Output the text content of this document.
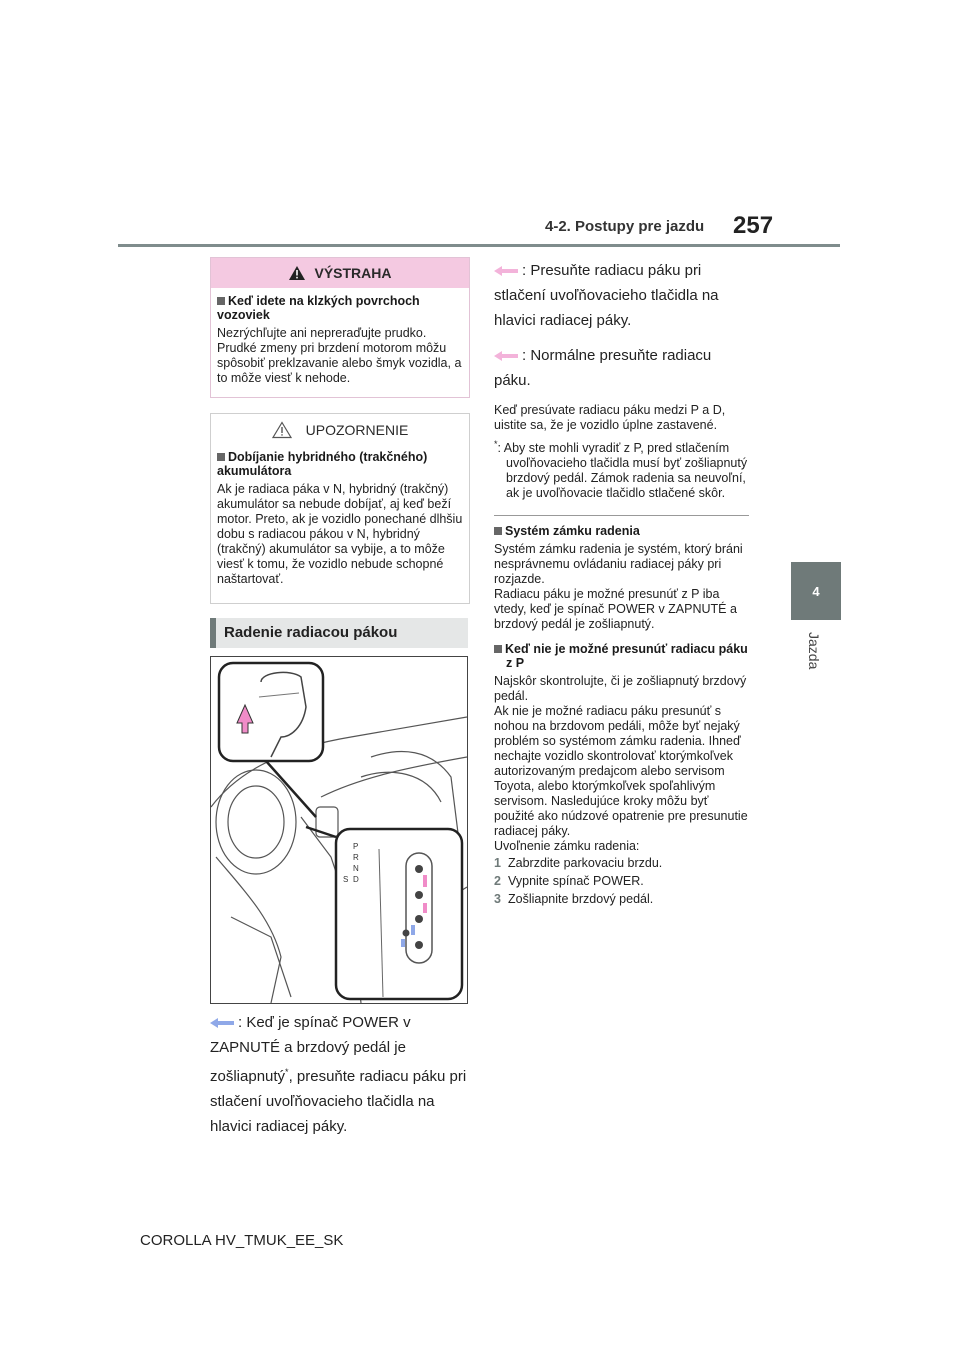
4-2. Postupy pre jazdu 257
4
Jazda
VÝSTRAHA
Keď idete na klzkých povrchoch vozoviek
Nezrýchľujte ani nepreraďujte prudko. Prudké zmeny pri brzdení motorom môžu spôsobiť preklzavanie alebo šmyk vozidla, a to môže viesť k nehode.
UPOZORNENIE
Dobíjanie hybridného (trakčného) akumulátora
Ak je radiaca páka v N, hybridný (trakčný) akumulátor sa nebude dobíjať, aj keď beží motor. Preto, ak je vozidlo ponechané dlhšiu dobu s radiacou pákou v N, hybridný (trakčný) akumulátor sa vybije, a to môže viesť k tomu, že vozidlo nebude schopné naštartovať.
Radenie radiacou pákou
P
R
N
D
S
: Keď je spínač POWER v ZAPNUTÉ a brzdový pedál je zošliapnutý*, presuňte radiacu páku pri stlačení uvoľňovacieho tlačidla na hlavici radiacej páky.
: Presuňte radiacu páku pri stlačení uvoľňovacieho tlačidla na hlavici radiacej páky.
: Normálne presuňte radiacu páku.
Keď presúvate radiacu páku medzi P a D, uistite sa, že je vozidlo úplne zastavené.
*: Aby ste mohli vyradiť z P, pred stlačením uvoľňovacieho tlačidla musí byť zošliapnutý brzdový pedál. Zámok radenia sa neuvoľní, ak je uvoľňovacie tlačidlo stlačené skôr.
Systém zámku radenia
Systém zámku radenia je systém, ktorý bráni nesprávnemu ovládaniu radiacej páky pri rozjazde.
Radiacu páku je možné presunúť z P iba vtedy, keď je spínač POWER v ZAPNUTÉ a brzdový pedál je zošliapnutý.
Keď nie je možné presunúť radiacu páku z P
Najskôr skontrolujte, či je zošliapnutý brzdový pedál.
Ak nie je možné radiacu páku presunúť s nohou na brzdovom pedáli, môže byť nejaký problém so systémom zámku radenia. Ihneď nechajte vozidlo skontrolovať ktorýmkoľvek autorizovaným predajcom alebo servisom Toyota, alebo ktorýmkoľvek spoľahlivým servisom. Nasledujúce kroky môžu byť použité ako núdzové opatrenie pre presunutie radiacej páky.
Uvoľnenie zámku radenia:
1 Zabrzdite parkovaciu brzdu.
2 Vypnite spínač POWER.
3 Zošliapnite brzdový pedál.
COROLLA HV_TMUK_EE_SK
